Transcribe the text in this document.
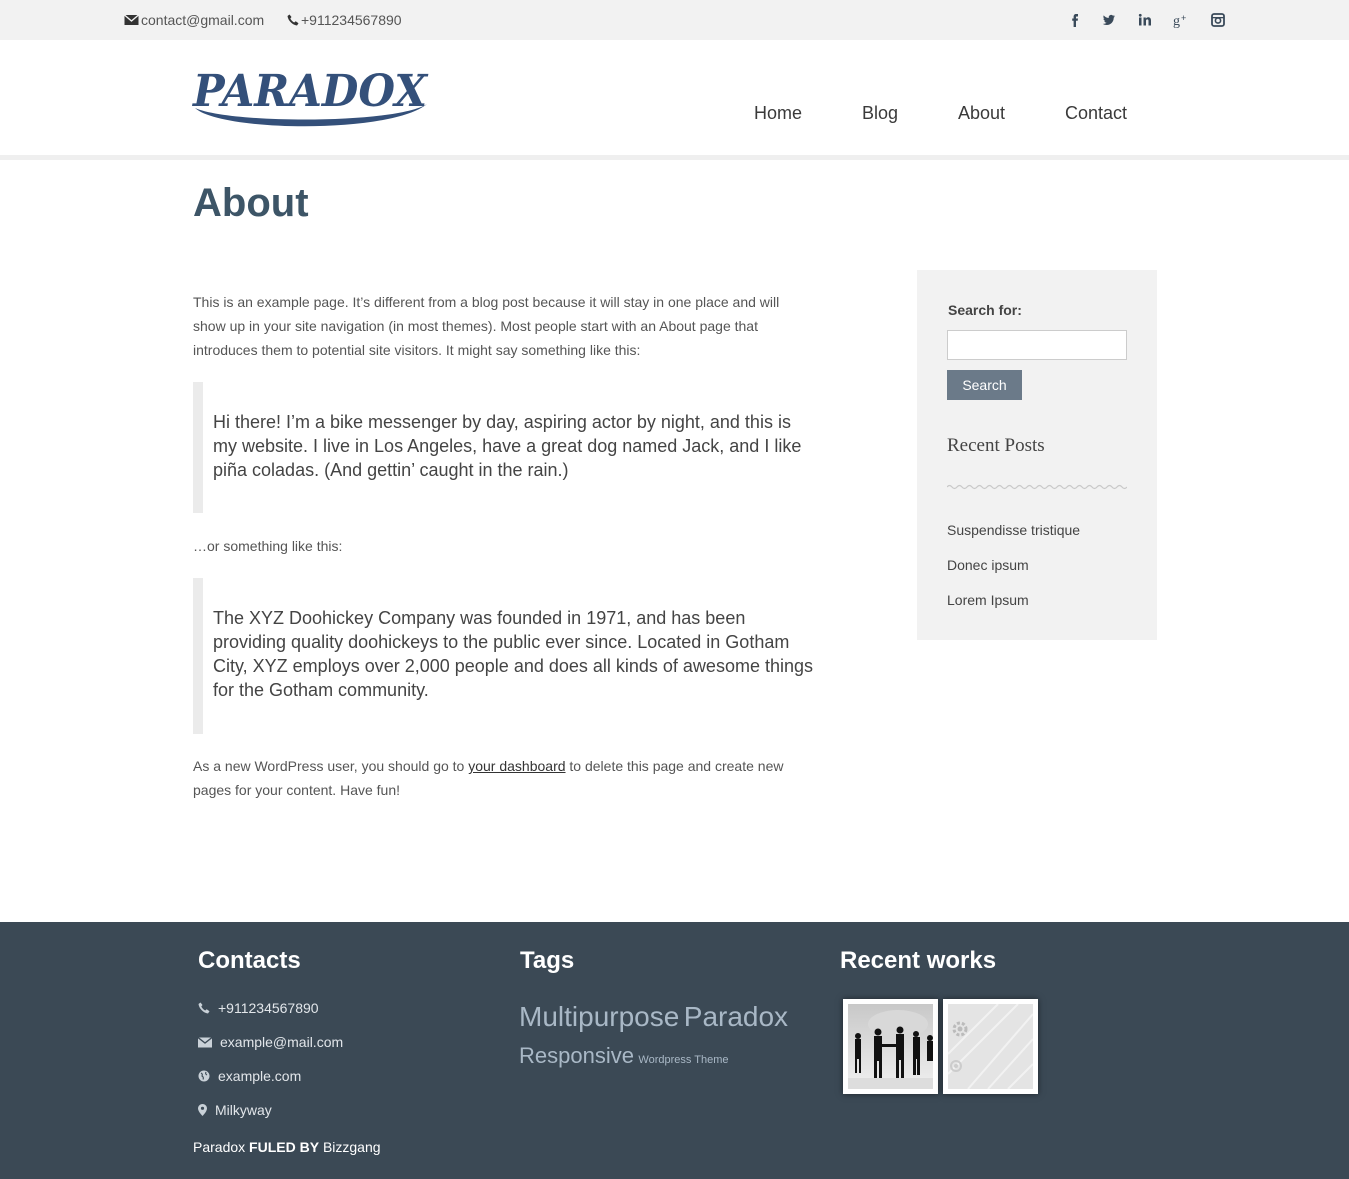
contact@gmail.com	+911234567890	g +
PARADOX	Home	Blog	About	Contact
About

This is an example page. It’s different from a blog post because it will stay in one place and will show up in your site navigation (in most themes). Most people start with an About page that introduces them to potential site visitors. It might say something like this:

Hi there! I’m a bike messenger by day, aspiring actor by night, and this is my website. I live in Los Angeles, have a great dog named Jack, and I like piña coladas. (And gettin’ caught in the rain.)

…or something like this:

The XYZ Doohickey Company was founded in 1971, and has been providing quality doohickeys to the public ever since. Located in Gotham City, XYZ employs over 2,000 people and does all kinds of awesome things for the Gotham community.

As a new WordPress user, you should go to your dashboard to delete this page and create new pages for your content. Have fun!

Search for:
Search
Recent Posts
Suspendisse tristique
Donec ipsum
Lorem Ipsum
Contacts
+911234567890
example@mail.com
example.com
Milkyway
Tags
Multipurpose Paradox Responsive Wordpress Theme
Recent works
Paradox FULED BY Bizzgang
